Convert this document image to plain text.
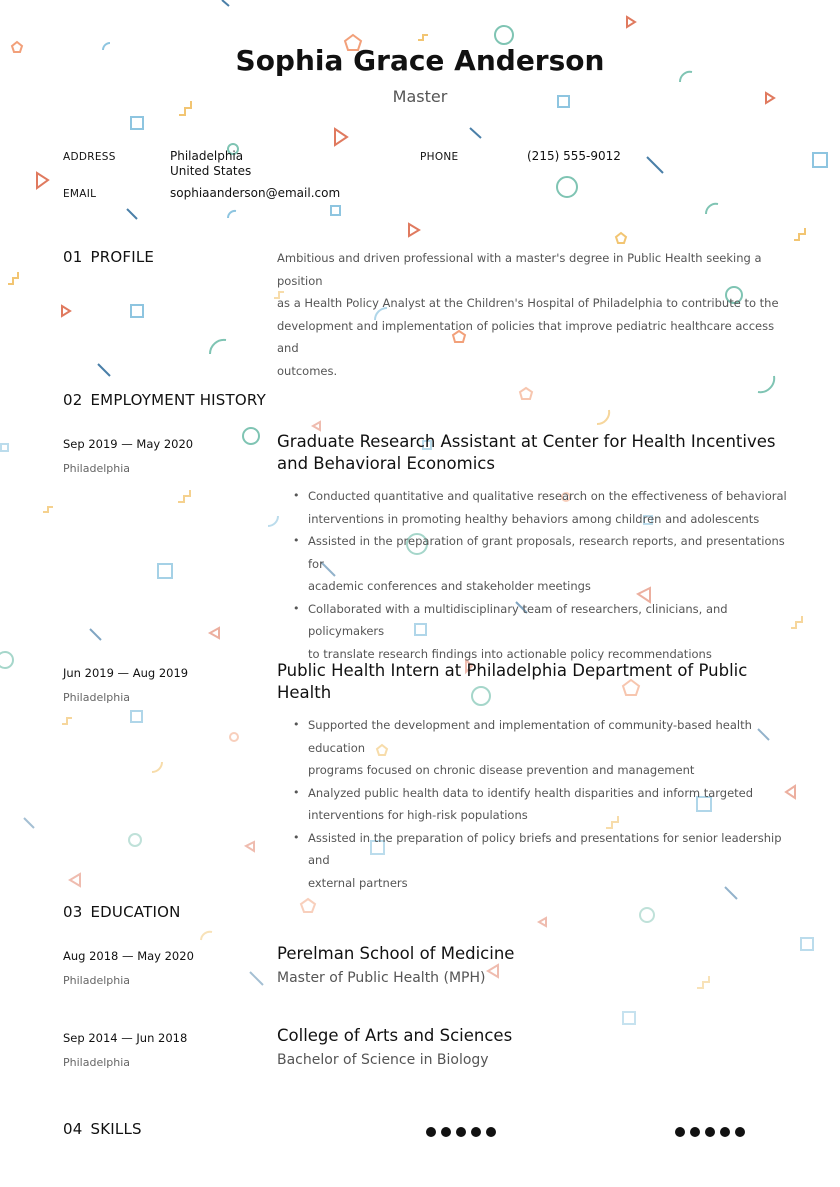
Sophia Grace Anderson
Master
ADDRESS	Philadelphia
United States
PHONE	(215) 555-9012
EMAIL	sophiaanderson@email.com
01 PROFILE	Ambitious and driven professional with a master's degree in Public Health seeking a position
as a Health Policy Analyst at the Children's Hospital of Philadelphia to contribute to the
development and implementation of policies that improve pediatric healthcare access and
outcomes.
02 EMPLOYMENT HISTORY
Sep 2019 — May 2020
Philadelphia
Graduate Research Assistant at Center for Health Incentives
and Behavioral Economics
• Conducted quantitative and qualitative research on the effectiveness of behavioral
interventions in promoting healthy behaviors among children and adolescents
• Assisted in the preparation of grant proposals, research reports, and presentations for
academic conferences and stakeholder meetings
• Collaborated with a multidisciplinary team of researchers, clinicians, and policymakers
to translate research findings into actionable policy recommendations
Jun 2019 — Aug 2019
Philadelphia
Public Health Intern at Philadelphia Department of Public
Health
• Supported the development and implementation of community-based health education
programs focused on chronic disease prevention and management
• Analyzed public health data to identify health disparities and inform targeted
interventions for high-risk populations
• Assisted in the preparation of policy briefs and presentations for senior leadership and
external partners
03 EDUCATION
Aug 2018 — May 2020
Philadelphia
Perelman School of Medicine
Master of Public Health (MPH)
Sep 2014 — Jun 2018
Philadelphia
College of Arts and Sciences
Bachelor of Science in Biology
04 SKILLS
